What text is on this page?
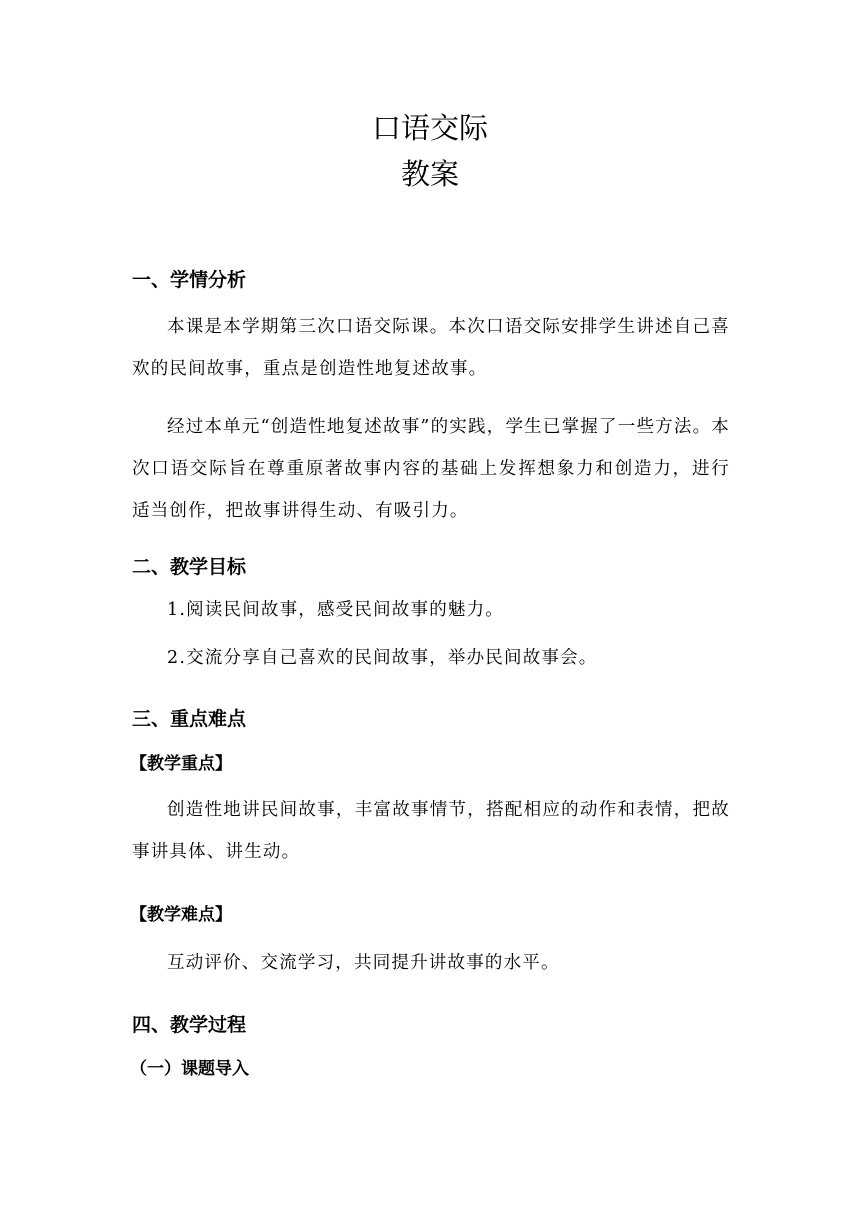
口语交际
教案
一、学情分析
本课是本学期第三次口语交际课。本次口语交际安排学生讲述自己喜欢的民间故事，重点是创造性地复述故事。
经过本单元“创造性地复述故事”的实践，学生已掌握了一些方法。本次口语交际旨在尊重原著故事内容的基础上发挥想象力和创造力，进行适当创作，把故事讲得生动、有吸引力。
二、教学目标
1.阅读民间故事，感受民间故事的魅力。
2.交流分享自己喜欢的民间故事，举办民间故事会。
三、重点难点
【教学重点】
创造性地讲民间故事，丰富故事情节，搭配相应的动作和表情，把故事讲具体、讲生动。
【教学难点】
互动评价、交流学习，共同提升讲故事的水平。
四、教学过程
（一）课题导入
